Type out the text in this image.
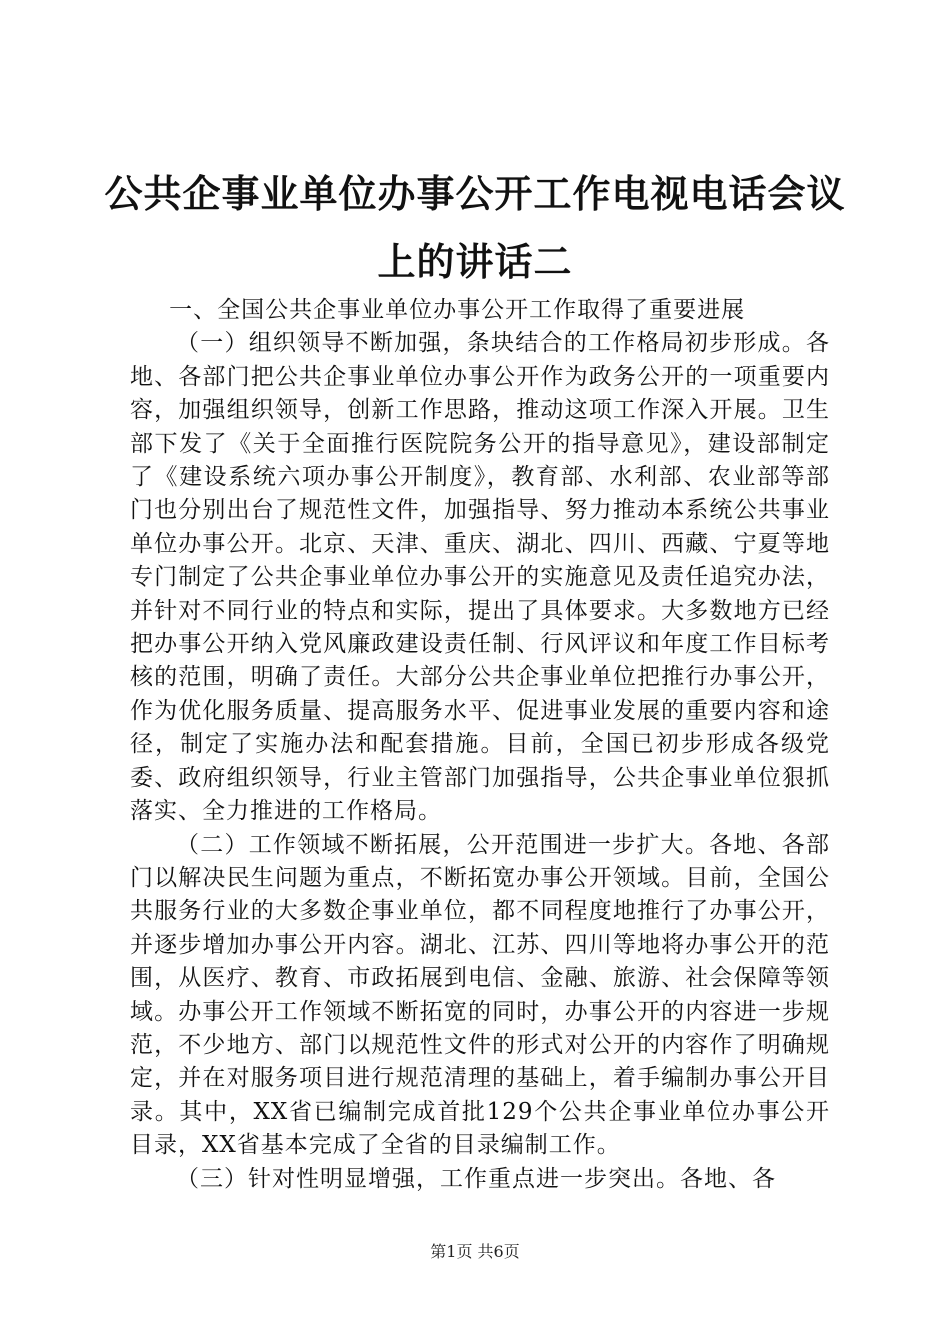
公共企事业单位办事公开工作电视电话会议上的讲话二

一、全国公共企事业单位办事公开工作取得了重要进展

（一）组织领导不断加强，条块结合的工作格局初步形成。各地、各部门把公共企事业单位办事公开作为政务公开的一项重要内容，加强组织领导，创新工作思路，推动这项工作深入开展。卫生部下发了《关于全面推行医院院务公开的指导意见》，建设部制定了《建设系统六项办事公开制度》，教育部、水利部、农业部等部门也分别出台了规范性文件，加强指导、努力推动本系统公共事业单位办事公开。北京、天津、重庆、湖北、四川、西藏、宁夏等地专门制定了公共企事业单位办事公开的实施意见及责任追究办法，并针对不同行业的特点和实际，提出了具体要求。大多数地方已经把办事公开纳入党风廉政建设责任制、行风评议和年度工作目标考核的范围，明确了责任。大部分公共企事业单位把推行办事公开，作为优化服务质量、提高服务水平、促进事业发展的重要内容和途径，制定了实施办法和配套措施。目前，全国已初步形成各级党委、政府组织领导，行业主管部门加强指导，公共企事业单位狠抓落实、全力推进的工作格局。

（二）工作领域不断拓展，公开范围进一步扩大。各地、各部门以解决民生问题为重点，不断拓宽办事公开领域。目前，全国公共服务行业的大多数企事业单位，都不同程度地推行了办事公开，并逐步增加办事公开内容。湖北、江苏、四川等地将办事公开的范围，从医疗、教育、市政拓展到电信、金融、旅游、社会保障等领域。办事公开工作领域不断拓宽的同时，办事公开的内容进一步规范，不少地方、部门以规范性文件的形式对公开的内容作了明确规定，并在对服务项目进行规范清理的基础上，着手编制办事公开目录。其中，XX省已编制完成首批129个公共企事业单位办事公开目录，XX省基本完成了全省的目录编制工作。

（三）针对性明显增强，工作重点进一步突出。各地、各

第1页 共6页
